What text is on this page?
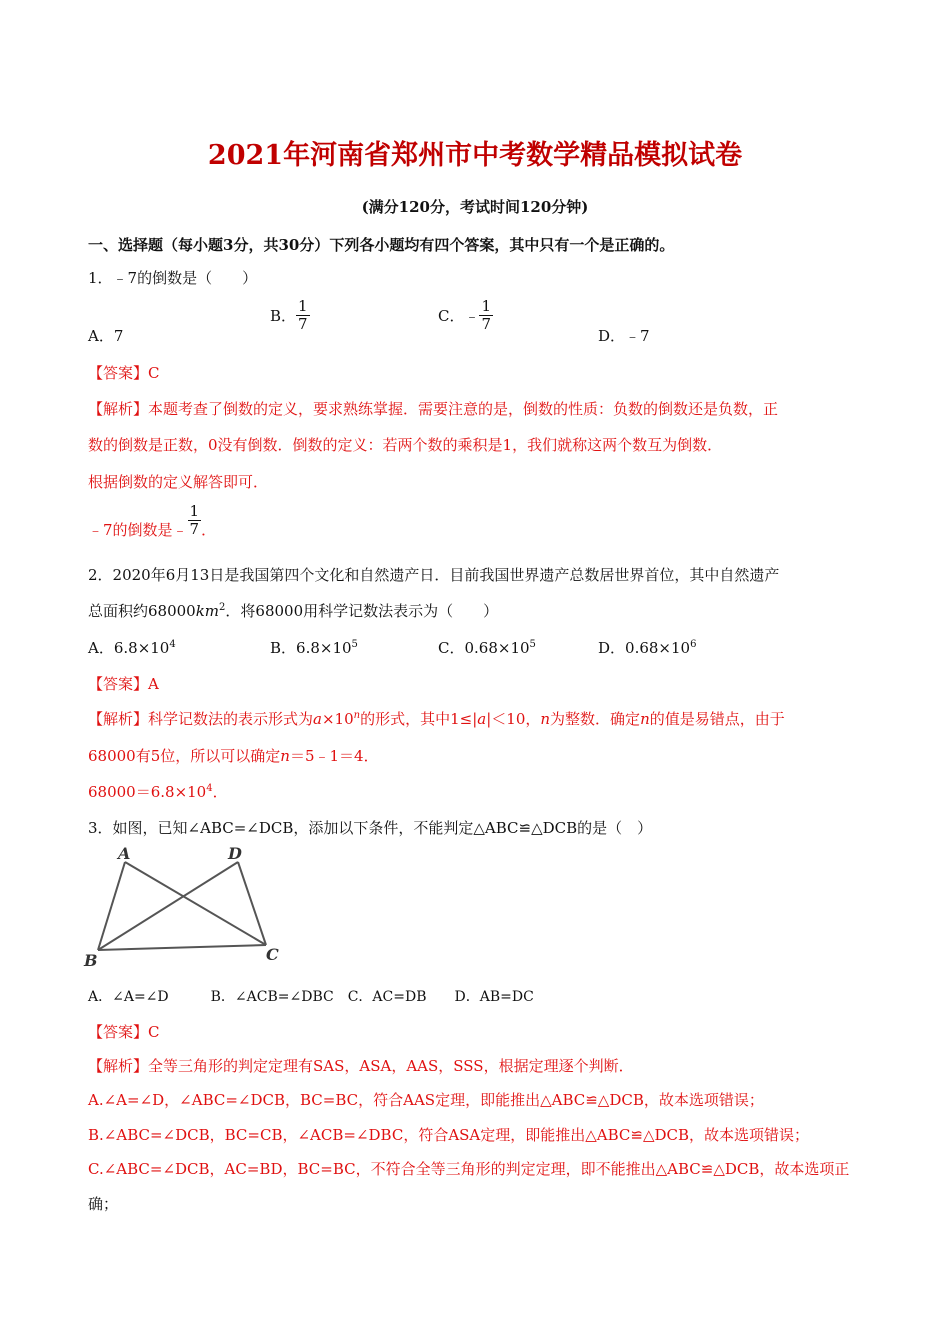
2021年河南省郑州市中考数学精品模拟试卷
(满分120分，考试时间120分钟)
一、选择题（每小题3分，共30分）下列各小题均有四个答案，其中只有一个是正确的。
1．﹣7的倒数是（　　）
A．7
B． $\frac{1}{7}$	C．﹣ $\frac{1}{7}$
D．﹣7
【答案】C
【解析】本题考查了倒数的定义，要求熟练掌握．需要注意的是，倒数的性质：负数的倒数还是负数，正
数的倒数是正数，0没有倒数．倒数的定义：若两个数的乘积是1，我们就称这两个数互为倒数．
根据倒数的定义解答即可．
﹣7的倒数是﹣ $\frac{1}{7}$ ．
2．2020年6月13日是我国第四个文化和自然遗产日．目前我国世界遗产总数居世界首位，其中自然遗产
总面积约$68000km^2$．将68000用科学记数法表示为（　　）
A．$6.8\times 10^4$	B．$6.8\times 10^5$	C．$0.68\times 10^5$	D．$0.68\times 10^6$
【答案】A
【解析】科学记数法的表示形式为$a\times 10^n$的形式，其中1≤|a|＜10，n为整数．确定n的值是易错点，由于
68000有5位，所以可以确定n＝5﹣1＝4．
$68000=6.8\times 10^4$．
3．如图，已知∠ABC=∠DCB，添加以下条件，不能判定△ABC≌△DCB的是（　）
A	D
B	C
A．∠A=∠D　　　B．∠ACB=∠DBC　C．AC=DB　　D．AB=DC
【答案】C
【解析】全等三角形的判定定理有SAS，ASA，AAS，SSS，根据定理逐个判断．
A.∠A=∠D，∠ABC=∠DCB，BC=BC，符合AAS定理，即能推出△ABC≌△DCB，故本选项错误；
B.∠ABC=∠DCB，BC=CB，∠ACB=∠DBC，符合ASA定理，即能推出△ABC≌△DCB，故本选项错误；
C.∠ABC=∠DCB，AC=BD，BC=BC，不符合全等三角形的判定定理，即不能推出△ABC≌△DCB，故本选项正
确；
